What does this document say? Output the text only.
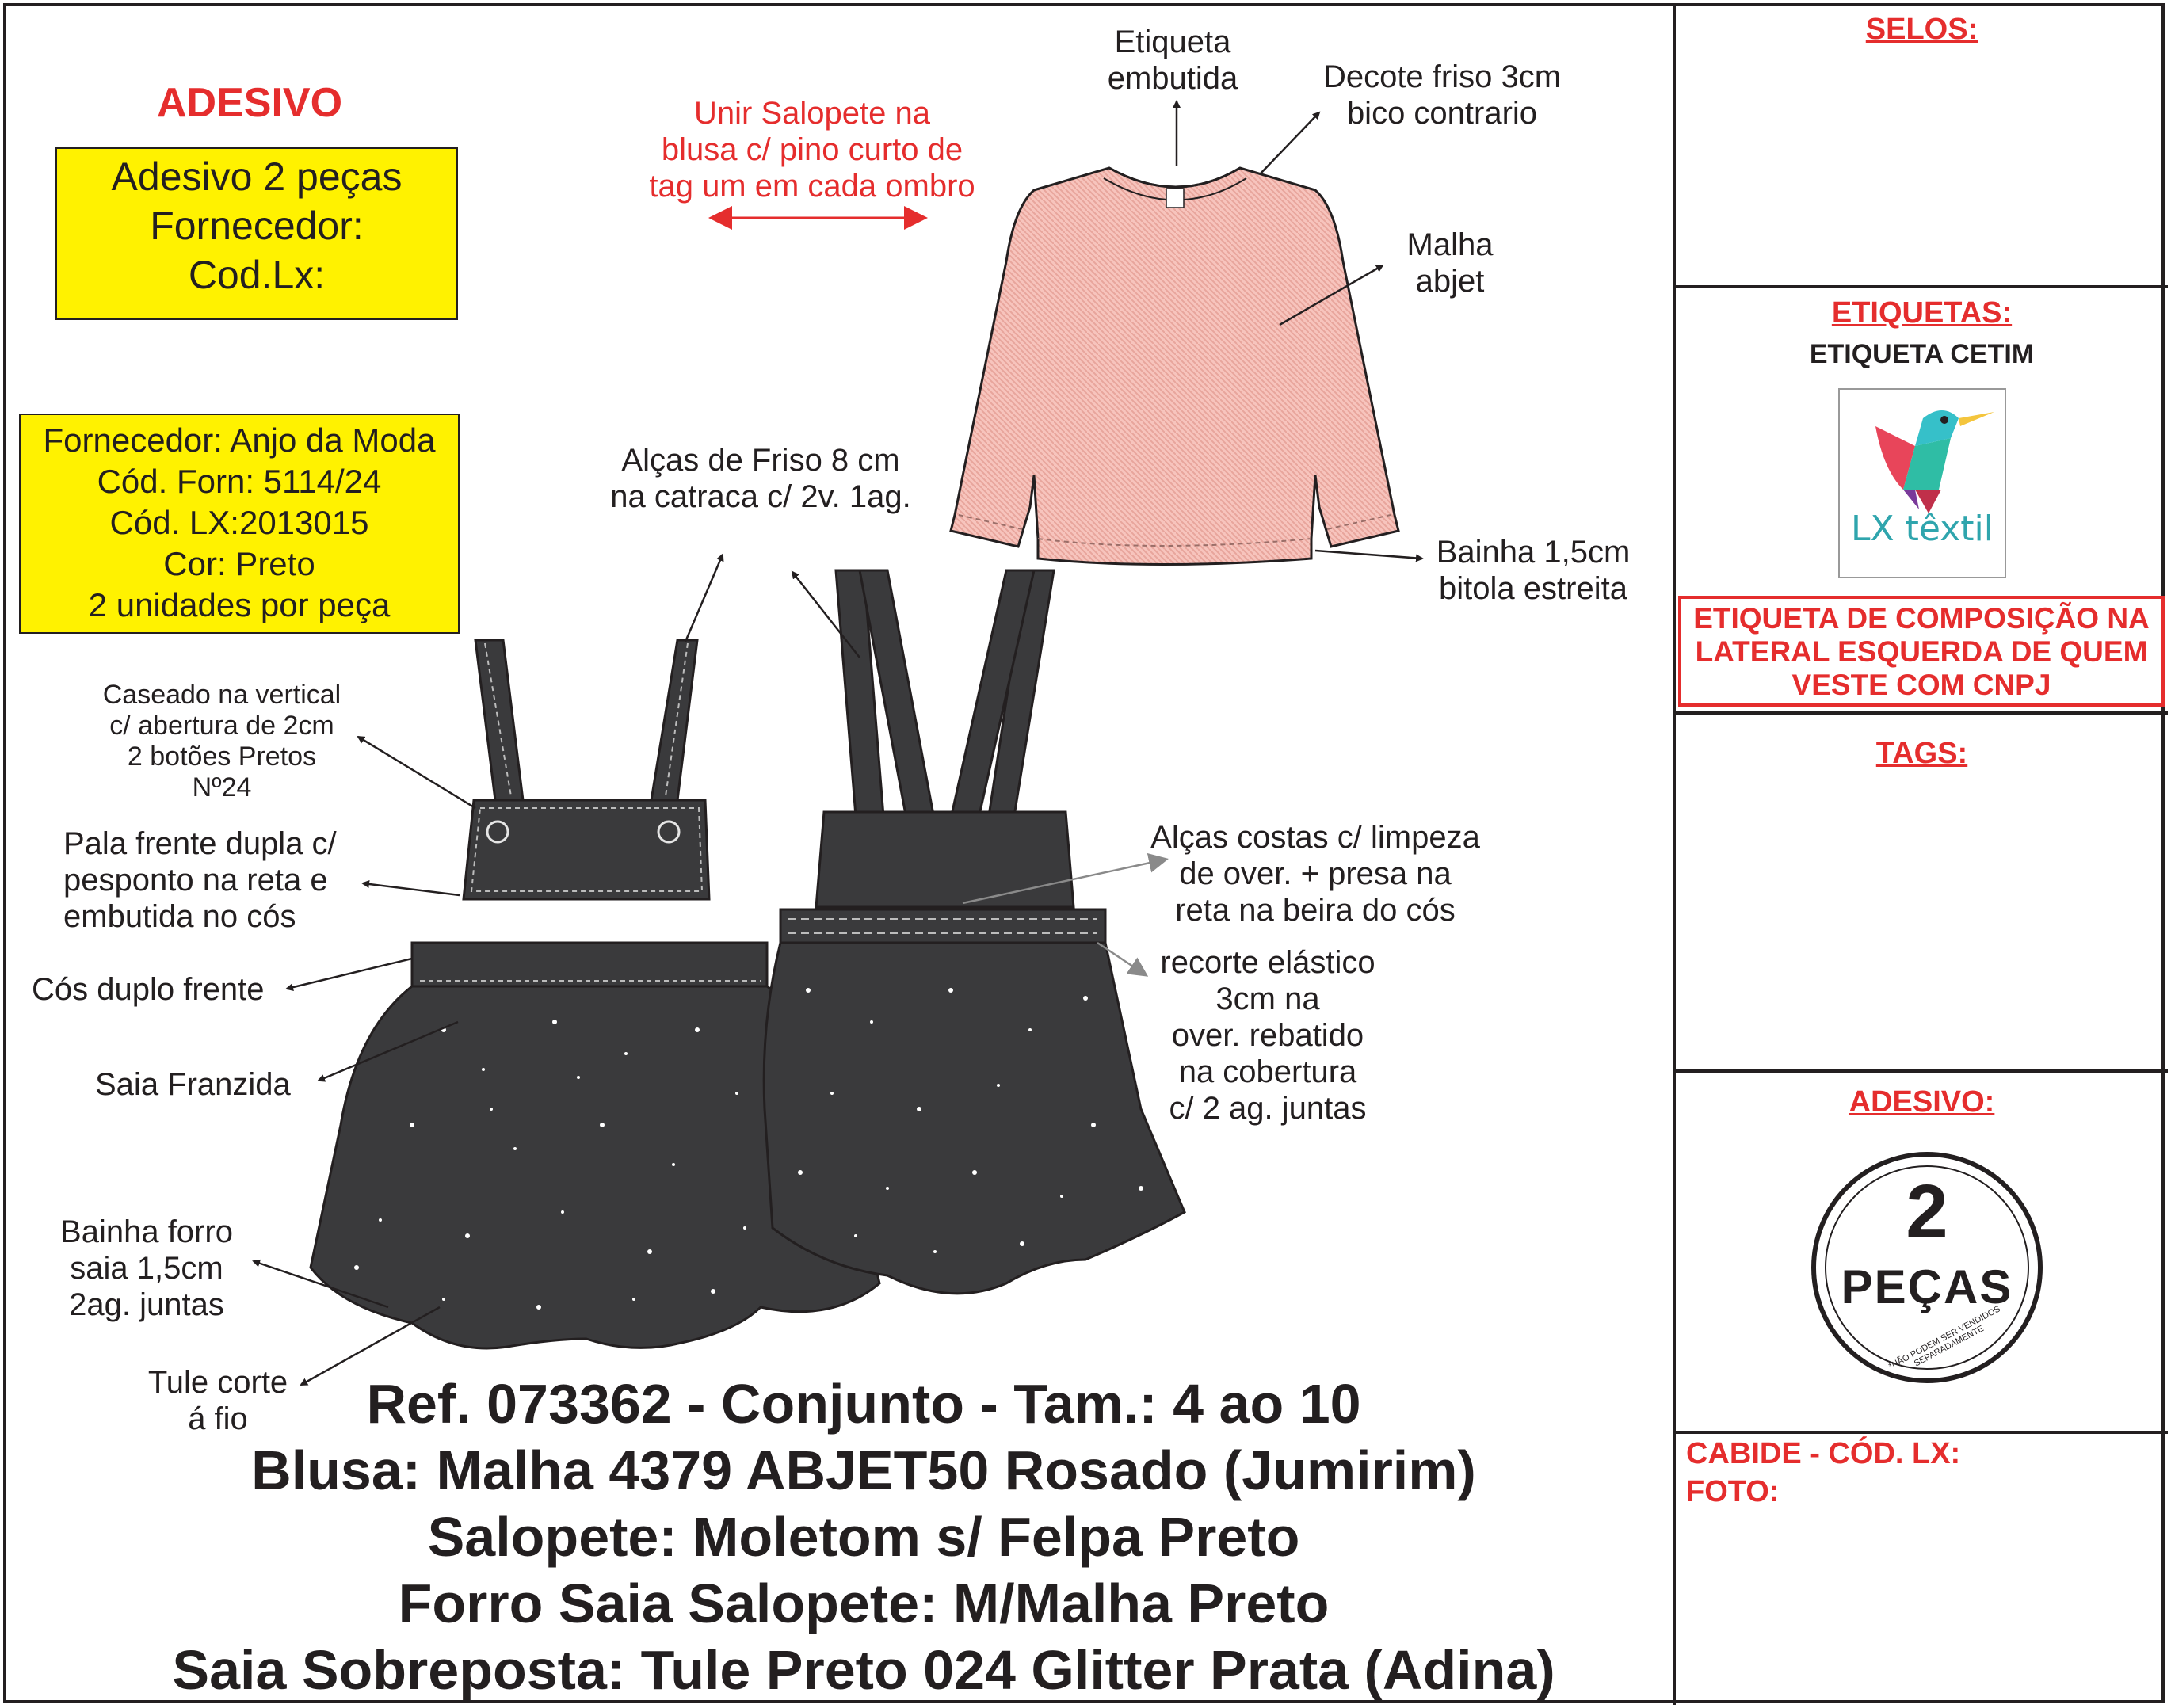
ADESIVO
Adesivo 2 peças
Fornecedor:
Cod.Lx:
Fornecedor: Anjo da Moda
Cód. Forn: 5114/24
Cód. LX:2013015
Cor: Preto
2 unidades por peça
Unir Salopete na
blusa c/ pino curto de
tag um em cada ombro
Etiqueta
embutida	Decote friso 3cm
bico contrario
Malha
abjet
Bainha 1,5cm
bitola estreita
Alças de Friso 8 cm
na catraca c/ 2v. 1ag.
Caseado na vertical
c/ abertura de 2cm
2 botões Pretos
Nº24
Pala frente dupla c/
pesponto na reta e
embutida no cós
Cós duplo frente
Saia Franzida
Bainha forro
saia 1,5cm
2ag. juntas
Tule corte
á fio
Alças costas c/ limpeza
de over. + presa na
reta na beira do cós
recorte elástico
3cm na
over. rebatido
na cobertura
c/ 2 ag. juntas
Ref. 073362 - Conjunto - Tam.: 4 ao 10
Blusa: Malha 4379 ABJET50 Rosado (Jumirim)
Salopete: Moletom s/ Felpa Preto
Forro Saia Salopete: M/Malha Preto
Saia Sobreposta: Tule Preto 024 Glitter Prata (Adina)
SELOS:
ETIQUETAS:
ETIQUETA CETIM
LX têxtil
ETIQUETA DE COMPOSIÇÃO NA
LATERAL ESQUERDA DE QUEM
VESTE COM CNPJ
TAGS:
ADESIVO:
2
PEÇAS
*NÃO PODEM SER VENDIDOS SEPARADAMENTE
CABIDE - CÓD. LX:
FOTO:
